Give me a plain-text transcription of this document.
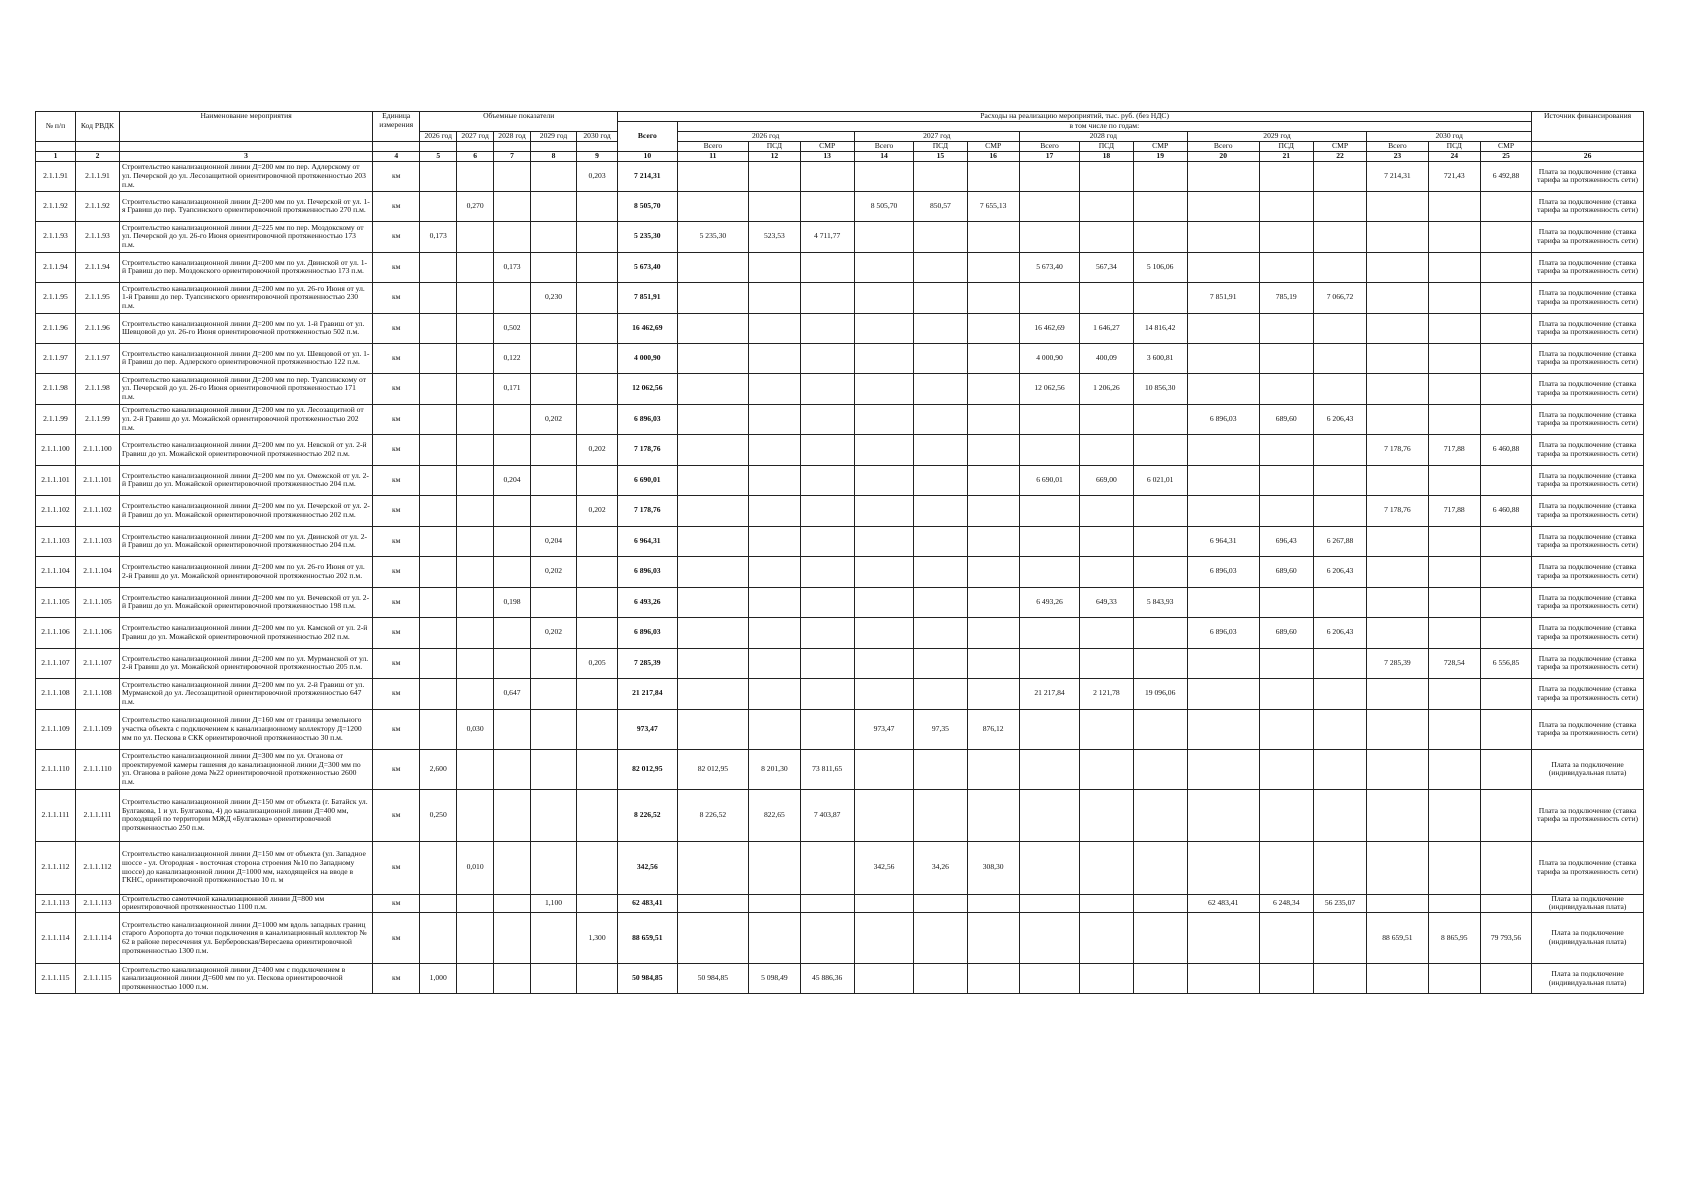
№ п/п	Код РВДК	Наименование мероприятия	Единица измерения	Объемные показатели					Расходы на реализацию мероприятий, тыс. руб. (без НДС)																Источник финансирования
									Всего	в том числе по годам:															
				2026 год	2027 год	2028 год	2029 год	2030 год		2026 год			2027 год			2028 год			2029 год			2030 год			
										Всего	ПСД	СМР	Всего	ПСД	СМР	Всего	ПСД	СМР	Всего	ПСД	СМР	Всего	ПСД	СМР	
1	2	3	4	5	6	7	8	9	10	11	12	13	14	15	16	17	18	19	20	21	22	23	24	25	26
2.1.1.91	2.1.1.91	Строительство канализационной линии Д=200 мм по пер. Адлерскому от ул. Печерской до ул. Лесозащитной ориентировочной протяженностью 203 п.м.	км					0,203	7 214,31													7 214,31	721,43	6 492,88	Плата за подключение (ставка тарифа за протяженность сети)
2.1.1.92	2.1.1.92	Строительство канализационной линии Д=200 мм по ул. Печерской от ул. 1-я Гравиш до пер. Туапсинского ориентировочной протяженностью 270 п.м.	км		0,270				8 505,70				8 505,70	850,57	7 655,13										Плата за подключение (ставка тарифа за протяженность сети)
2.1.1.93	2.1.1.93	Строительство канализационной линии Д=225 мм по пер. Моздокскому от ул. Печерской до ул. 26-го Июня ориентировочной протяженностью 173 п.м.	км	0,173					5 235,30	5 235,30	523,53	4 711,77													Плата за подключение (ставка тарифа за протяженность сети)
2.1.1.94	2.1.1.94	Строительство канализационной линии Д=200 мм по ул. Двинской от ул. 1-й Гравиш до пер. Моздокского ориентировочной протяженностью 173 п.м.	км			0,173			5 673,40							5 673,40	567,34	5 106,06							Плата за подключение (ставка тарифа за протяженность сети)
2.1.1.95	2.1.1.95	Строительство канализационной линии Д=200 мм по ул. 26-го Июня от ул. 1-й Гравиш до пер. Туапсинского ориентировочной протяженностью 230 п.м.	км				0,230		7 851,91										7 851,91	785,19	7 066,72				Плата за подключение (ставка тарифа за протяженность сети)
2.1.1.96	2.1.1.96	Строительство канализационной линии Д=200 мм по ул. 1-й Гравиш от ул. Шевцовой до ул. 26-го Июня ориентировочной протяженностью 502 п.м.	км			0,502			16 462,69							16 462,69	1 646,27	14 816,42							Плата за подключение (ставка тарифа за протяженность сети)
2.1.1.97	2.1.1.97	Строительство канализационной линии Д=200 мм по ул. Шевцовой от ул. 1-й Гравиш до пер. Адлерского ориентировочной протяженностью 122 п.м.	км			0,122			4 000,90							4 000,90	400,09	3 600,81							Плата за подключение (ставка тарифа за протяженность сети)
2.1.1.98	2.1.1.98	Строительство канализационной линии Д=200 мм по пер. Туапсинскому от ул. Печерской до ул. 26-го Июня ориентировочной протяженностью 171 п.м.	км			0,171			12 062,56							12 062,56	1 206,26	10 856,30							Плата за подключение (ставка тарифа за протяженность сети)
2.1.1.99	2.1.1.99	Строительство канализационной линии Д=200 мм по ул. Лесозащитной от ул. 2-й Гравиш до ул. Можайской ориентировочной протяженностью 202 п.м.	км				0,202		6 896,03										6 896,03	689,60	6 206,43				Плата за подключение (ставка тарифа за протяженность сети)
2.1.1.100	2.1.1.100	Строительство канализационной линии Д=200 мм по ул. Невской от ул. 2-й Гравиш до ул. Можайской ориентировочной протяженностью 202 п.м.	км					0,202	7 178,76													7 178,76	717,88	6 460,88	Плата за подключение (ставка тарифа за протяженность сети)
2.1.1.101	2.1.1.101	Строительство канализационной линии Д=200 мм по ул. Омежской от ул. 2-й Гравиш до ул. Можайской ориентировочной протяженностью 204 п.м.	км			0,204			6 690,01							6 690,01	669,00	6 021,01							Плата за подключение (ставка тарифа за протяженность сети)
2.1.1.102	2.1.1.102	Строительство канализационной линии Д=200 мм по ул. Печерской от ул. 2-й Гравиш до ул. Можайской ориентировочной протяженностью 202 п.м.	км					0,202	7 178,76													7 178,76	717,88	6 460,88	Плата за подключение (ставка тарифа за протяженность сети)
2.1.1.103	2.1.1.103	Строительство канализационной линии Д=200 мм по ул. Двинской от ул. 2-й Гравиш до ул. Можайской ориентировочной протяженностью 204 п.м.	км				0,204		6 964,31										6 964,31	696,43	6 267,88				Плата за подключение (ставка тарифа за протяженность сети)
2.1.1.104	2.1.1.104	Строительство канализационной линии Д=200 мм по ул. 26-го Июня от ул. 2-й Гравиш до ул. Можайской ориентировочной протяженностью 202 п.м.	км				0,202		6 896,03										6 896,03	689,60	6 206,43				Плата за подключение (ставка тарифа за протяженность сети)
2.1.1.105	2.1.1.105	Строительство канализационной линии Д=200 мм по ул. Вечевской от ул. 2-й Гравиш до ул. Можайской ориентировочной протяженностью 198 п.м.	км			0,198			6 493,26							6 493,26	649,33	5 843,93							Плата за подключение (ставка тарифа за протяженность сети)
2.1.1.106	2.1.1.106	Строительство канализационной линии Д=200 мм по ул. Камской от ул. 2-й Гравиш до ул. Можайской ориентировочной протяженностью 202 п.м.	км				0,202		6 896,03										6 896,03	689,60	6 206,43				Плата за подключение (ставка тарифа за протяженность сети)
2.1.1.107	2.1.1.107	Строительство канализационной линии Д=200 мм по ул. Мурманской от ул. 2-й Гравиш до ул. Можайской ориентировочной протяженностью 205 п.м.	км					0,205	7 285,39													7 285,39	728,54	6 556,85	Плата за подключение (ставка тарифа за протяженность сети)
2.1.1.108	2.1.1.108	Строительство канализационной линии Д=200 мм по ул. 2-й Гравиш от ул. Мурманской до ул. Лесозащитной ориентировочной протяженностью 647 п.м.	км			0,647			21 217,84							21 217,84	2 121,78	19 096,06							Плата за подключение (ставка тарифа за протяженность сети)
2.1.1.109	2.1.1.109	Строительство канализационной линии Д=160 мм от границы земельного участка объекта с подключением к канализационному коллектору Д=1200 мм по ул. Пескова в СКК ориентировочной протяженностью 30 п.м.	км		0,030				973,47				973,47	97,35	876,12										Плата за подключение (ставка тарифа за протяженность сети)
2.1.1.110	2.1.1.110	Строительство канализационной линии Д=300 мм по ул. Оганова от проектируемой камеры гашения до канализационной линии Д=300 мм по ул. Оганова в районе дома №22 ориентировочной протяженностью 2600 п.м.	км	2,600					82 012,95	82 012,95	8 201,30	73 811,65													Плата за подключение (индивидуальная плата)
2.1.1.111	2.1.1.111	Строительство канализационной линии Д=150 мм от объекта (г. Батайск ул. Булгакова, 1 и ул. Булгакова, 4) до канализационной линии Д=400 мм, проходящей по территории МЖД «Булгакова» ориентировочной протяженностью 250 п.м.	км	0,250					8 226,52	8 226,52	822,65	7 403,87													Плата за подключение (ставка тарифа за протяженность сети)
2.1.1.112	2.1.1.112	Строительство канализационной линии Д=150 мм от объекта (ул. Западное шоссе - ул. Огородная - восточная сторона строения №10 по Западному шоссе) до канализационной линии Д=1000 мм, находящейся на вводе в ГКНС, ориентировочной протяженностью 10 п. м	км		0,010				342,56				342,56	34,26	308,30										Плата за подключение (ставка тарифа за протяженность сети)
2.1.1.113	2.1.1.113	Строительство самотечной канализационной линии Д=800 мм ориентировочной протяженностью 1100 п.м.	км				1,100		62 483,41										62 483,41	6 248,34	56 235,07				Плата за подключение (индивидуальная плата)
2.1.1.114	2.1.1.114	Строительство канализационной линии Д=1000 мм вдоль западных границ старого Аэропорта до точки подключения в канализационный коллектор № 62 в районе пересечения ул. Берберовская/Вересаева ориентировочной протяженностью 1300 п.м.	км					1,300	88 659,51													88 659,51	8 865,95	79 793,56	Плата за подключение (индивидуальная плата)
2.1.1.115	2.1.1.115	Строительство канализационной линии Д=400 мм с подключением в канализационной линии Д=600 мм по ул. Пескова ориентировочной протяженностью 1000 п.м.	км	1,000					50 984,85	50 984,85	5 098,49	45 886,36													Плата за подключение (индивидуальная плата)
